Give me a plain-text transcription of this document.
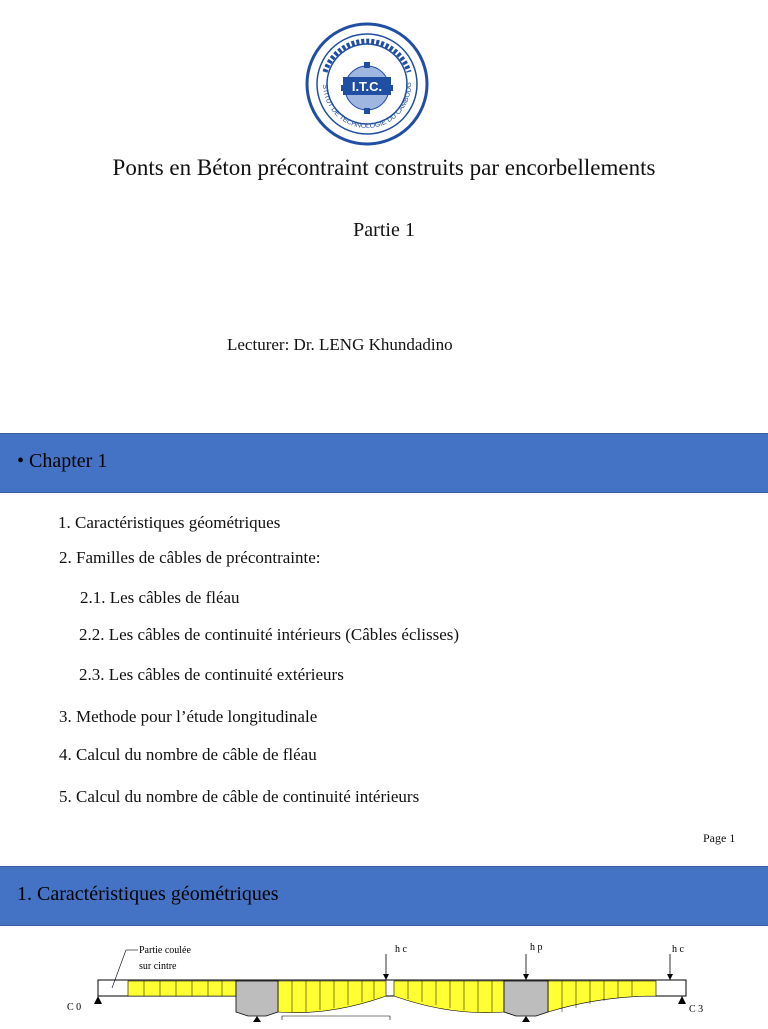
I.T.C.
STITUT DE TECHNOLOGIE DU CAMBODG
Ponts en Béton précontraint construits par encorbellements
Partie 1
Lecturer: Dr. LENG Khundadino
• Chapter 1
1. Caractéristiques géométriques
2. Familles de câbles de précontrainte:
2.1. Les câbles de fléau
2.2. Les câbles de continuité intérieurs (Câbles éclisses)
2.3. Les câbles de continuité extérieurs
3. Methode pour l’étude longitudinale
4. Calcul du nombre de câble de fléau
5. Calcul du nombre de câble de continuité intérieurs
Page 1
1. Caractéristiques géométriques
Partie coulée
sur cintre
h c	h p	h c
C 0	C 3
